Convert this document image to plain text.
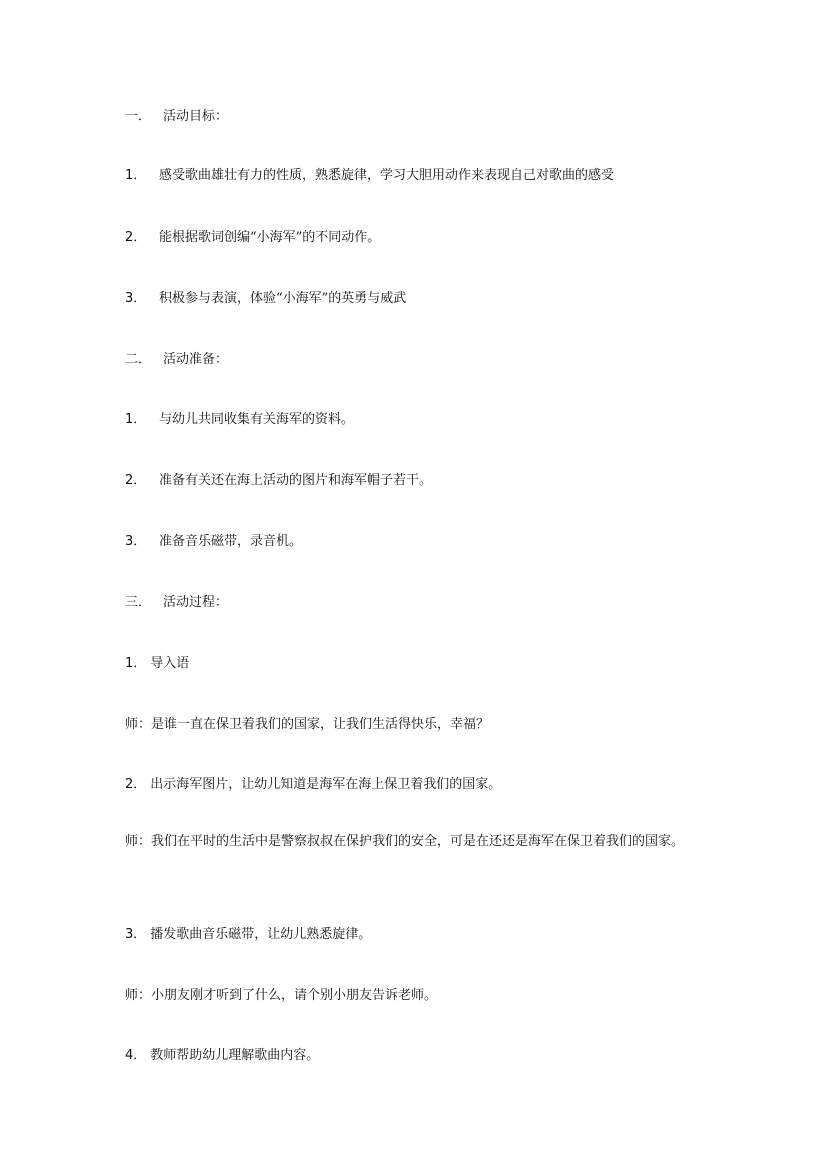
一． 活动目标：
1． 感受歌曲雄壮有力的性质，熟悉旋律，学习大胆用动作来表现自己对歌曲的感受
2． 能根据歌词创编“小海军”的不同动作。
3． 积极参与表演，体验“小海军”的英勇与威武
二． 活动准备：
1． 与幼儿共同收集有关海军的资料。
2． 准备有关还在海上活动的图片和海军帽子若干。
3． 准备音乐磁带，录音机。
三． 活动过程：
1． 导入语
师：是谁一直在保卫着我们的国家，让我们生活得快乐，幸福？
2． 出示海军图片，让幼儿知道是海军在海上保卫着我们的国家。
师：我们在平时的生活中是警察叔叔在保护我们的安全，可是在还还是海军在保卫着我们的国家。
3． 播发歌曲音乐磁带，让幼儿熟悉旋律。
师：小朋友刚才听到了什么，请个别小朋友告诉老师。
4． 教师帮助幼儿理解歌曲内容。
